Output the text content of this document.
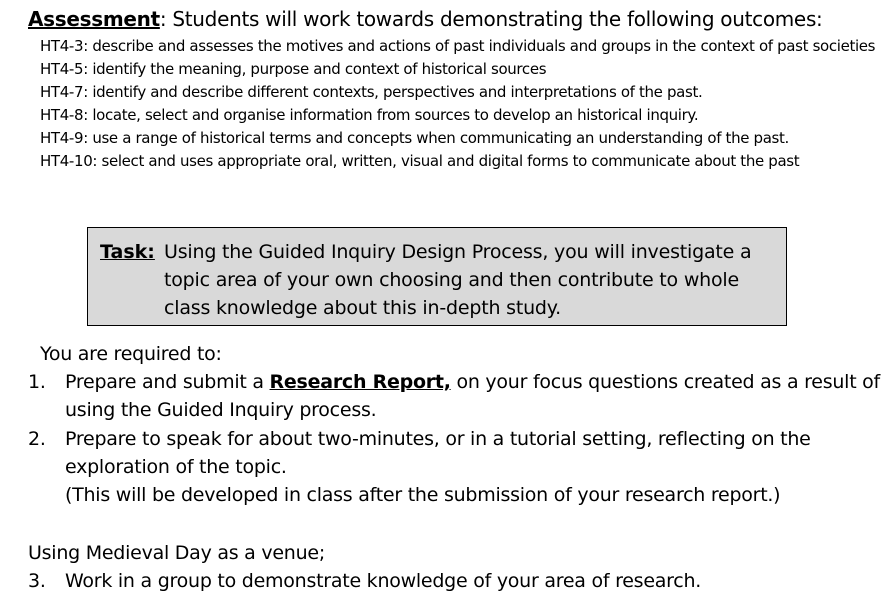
Assessment: Students will work towards demonstrating the following outcomes:

HT4-3: describe and assesses the motives and actions of past individuals and groups in the context of past societies

HT4-5: identify the meaning, purpose and context of historical sources

HT4-7: identify and describe different contexts, perspectives and interpretations of the past.

HT4-8: locate, select and organise information from sources to develop an historical inquiry.

HT4-9: use a range of historical terms and concepts when communicating an understanding of the past.

HT4-10: select and uses appropriate oral, written, visual and digital forms to communicate about the past

Task: Using the Guided Inquiry Design Process, you will investigate a topic area of your own choosing and then contribute to whole class knowledge about this in-depth study.
You are required to:
1. Prepare and submit a Research Report, on your focus questions created as a result of using the Guided Inquiry process.
2. Prepare to speak for about two-minutes, or in a tutorial setting, reflecting on the exploration of the topic.
(This will be developed in class after the submission of your research report.)
Using Medieval Day as a venue;
3. Work in a group to demonstrate knowledge of your area of research.
